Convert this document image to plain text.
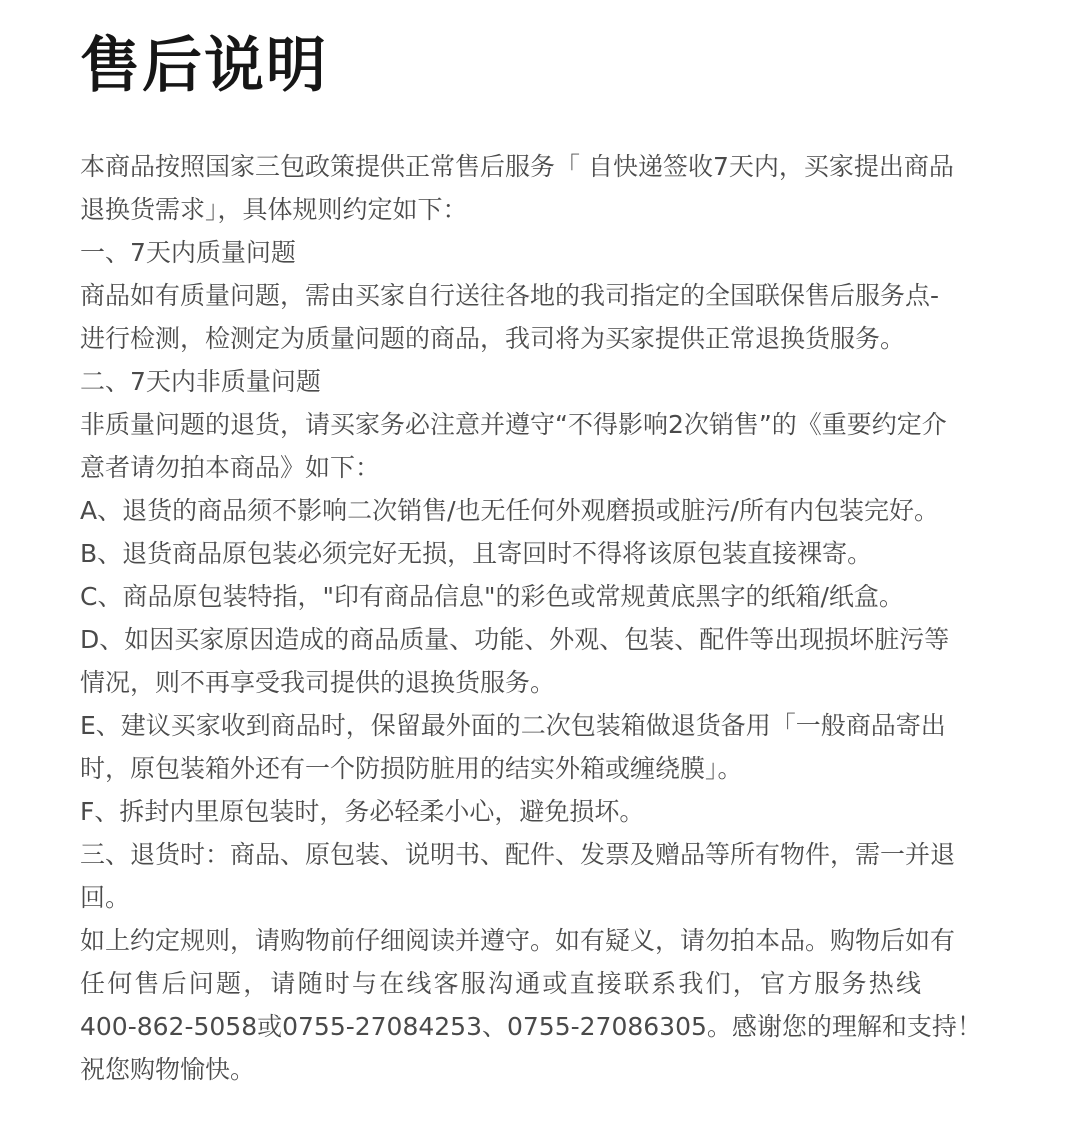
售后说明
本商品按照国家三包政策提供正常售后服务「 自快递签收7天内，买家提出商品
退换货需求」，具体规则约定如下：
一、7天内质量问题
商品如有质量问题，需由买家自行送往各地的我司指定的全国联保售后服务点-
进行检测，检测定为质量问题的商品，我司将为买家提供正常退换货服务。
二、7天内非质量问题
非质量问题的退货，请买家务必注意并遵守“不得影响2次销售”的《重要约定介
意者请勿拍本商品》如下：
A、退货的商品须不影响二次销售/也无任何外观磨损或脏污/所有内包装完好。
B、退货商品原包装必须完好无损，且寄回时不得将该原包装直接裸寄。
C、商品原包装特指，"印有商品信息"的彩色或常规黄底黑字的纸箱/纸盒。
D、如因买家原因造成的商品质量、功能、外观、包装、配件等出现损坏脏污等
情况，则不再享受我司提供的退换货服务。
E、建议买家收到商品时，保留最外面的二次包装箱做退货备用「一般商品寄出
时，原包装箱外还有一个防损防脏用的结实外箱或缠绕膜」。
F、拆封内里原包装时，务必轻柔小心，避免损坏。
三、退货时：商品、原包装、说明书、配件、发票及赠品等所有物件，需一并退
回。
如上约定规则，请购物前仔细阅读并遵守。如有疑义，请勿拍本品。购物后如有
任何售后问题，请随时与在线客服沟通或直接联系我们，官方服务热线
400-862-5058或0755-27084253、0755-27086305。感谢您的理解和支持！
祝您购物愉快。
